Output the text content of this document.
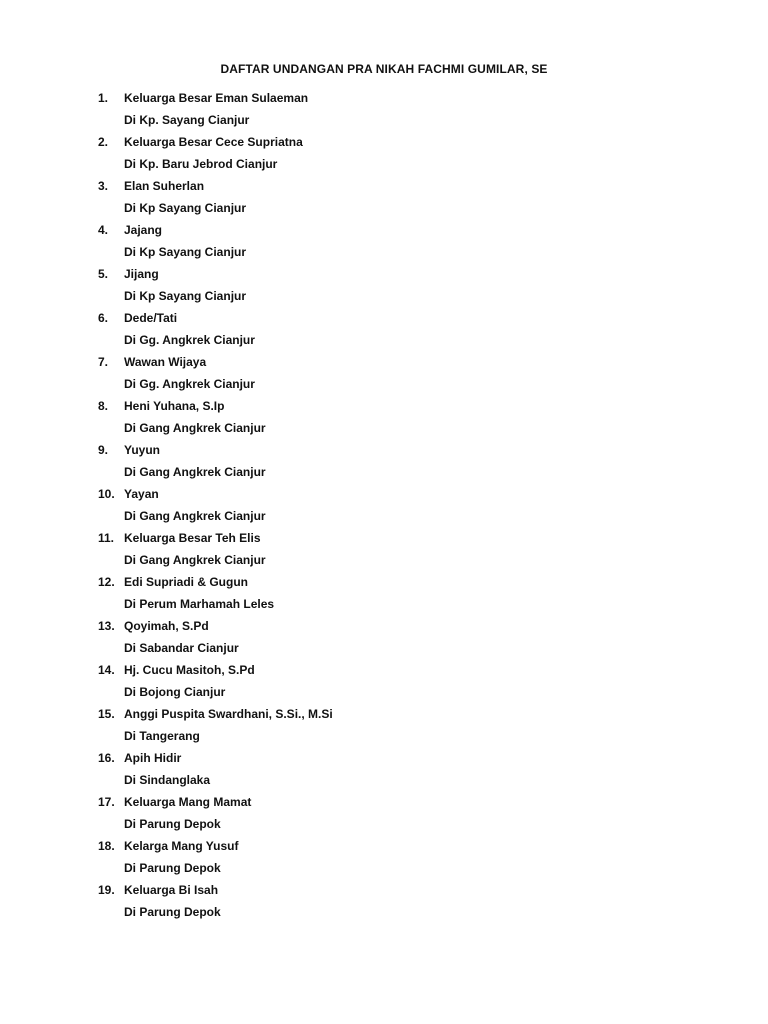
DAFTAR UNDANGAN PRA NIKAH FACHMI GUMILAR, SE
1.	Keluarga Besar Eman Sulaeman
Di Kp. Sayang Cianjur
2.	Keluarga Besar Cece Supriatna
Di Kp. Baru Jebrod Cianjur
3.	Elan Suherlan
Di Kp Sayang Cianjur
4.	Jajang
Di Kp Sayang Cianjur
5.	Jijang
Di Kp Sayang Cianjur
6.	Dede/Tati
Di Gg. Angkrek Cianjur
7.	Wawan Wijaya
Di Gg. Angkrek Cianjur
8.	Heni Yuhana, S.Ip
Di Gang Angkrek Cianjur
9.	Yuyun
Di Gang Angkrek Cianjur
10. Yayan
Di Gang Angkrek Cianjur
11. Keluarga Besar Teh Elis
Di Gang Angkrek Cianjur
12. Edi Supriadi & Gugun
Di Perum Marhamah Leles
13. Qoyimah, S.Pd
Di Sabandar Cianjur
14. Hj. Cucu Masitoh, S.Pd
Di Bojong Cianjur
15. Anggi Puspita Swardhani, S.Si., M.Si
Di Tangerang
16. Apih Hidir
Di Sindanglaka
17. Keluarga Mang Mamat
Di Parung Depok
18. Kelarga Mang Yusuf
Di Parung Depok
19. Keluarga Bi Isah
Di Parung Depok
